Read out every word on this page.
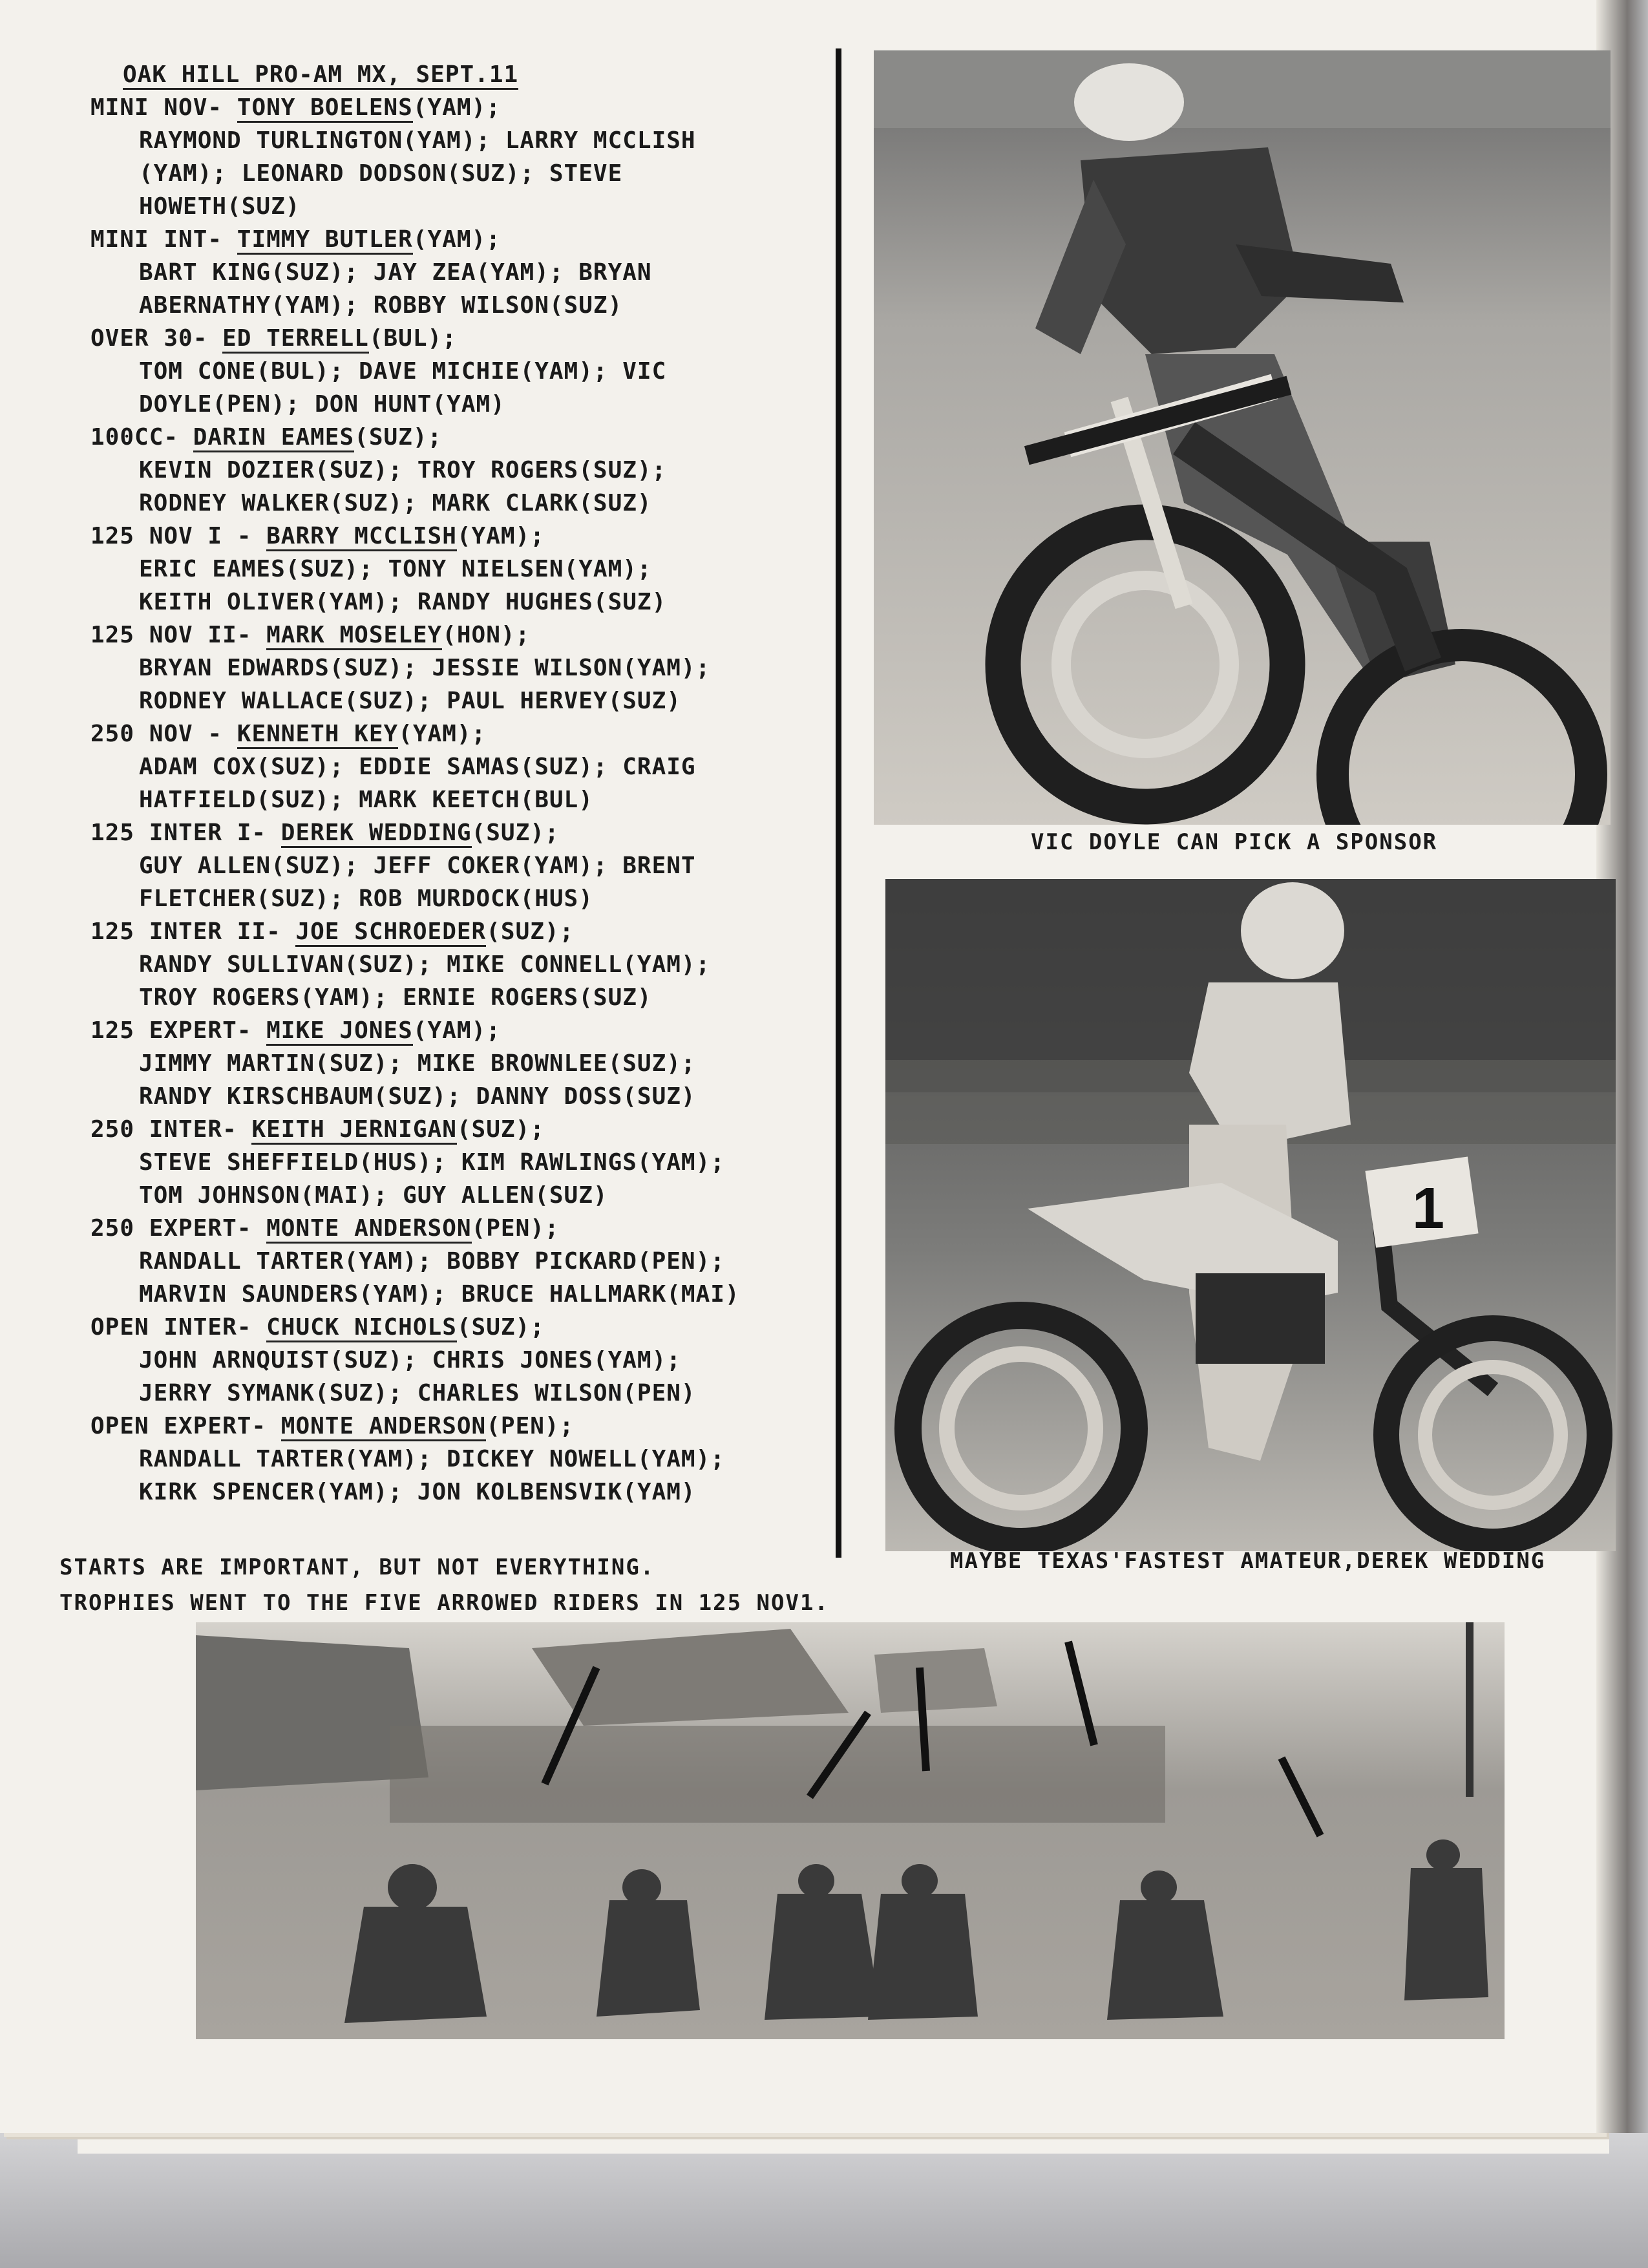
OAK HILL PRO-AM MX, SEPT.11
MINI NOV- TONY BOELENS(YAM);
RAYMOND TURLINGTON(YAM); LARRY MCCLISH
(YAM); LEONARD DODSON(SUZ); STEVE
HOWETH(SUZ)
MINI INT- TIMMY BUTLER(YAM);
BART KING(SUZ); JAY ZEA(YAM); BRYAN
ABERNATHY(YAM); ROBBY WILSON(SUZ)
OVER 30- ED TERRELL(BUL);
TOM CONE(BUL); DAVE MICHIE(YAM); VIC
DOYLE(PEN); DON HUNT(YAM)
100CC- DARIN EAMES(SUZ);
KEVIN DOZIER(SUZ); TROY ROGERS(SUZ);
RODNEY WALKER(SUZ); MARK CLARK(SUZ)
125 NOV I - BARRY MCCLISH(YAM);
ERIC EAMES(SUZ); TONY NIELSEN(YAM);
KEITH OLIVER(YAM); RANDY HUGHES(SUZ)
125 NOV II- MARK MOSELEY(HON);
BRYAN EDWARDS(SUZ); JESSIE WILSON(YAM);
RODNEY WALLACE(SUZ); PAUL HERVEY(SUZ)
250 NOV - KENNETH KEY(YAM);
ADAM COX(SUZ); EDDIE SAMAS(SUZ); CRAIG
HATFIELD(SUZ); MARK KEETCH(BUL)
125 INTER I- DEREK WEDDING(SUZ);
GUY ALLEN(SUZ); JEFF COKER(YAM); BRENT
FLETCHER(SUZ); ROB MURDOCK(HUS)
125 INTER II- JOE SCHROEDER(SUZ);
RANDY SULLIVAN(SUZ); MIKE CONNELL(YAM);
TROY ROGERS(YAM); ERNIE ROGERS(SUZ)
125 EXPERT- MIKE JONES(YAM);
JIMMY MARTIN(SUZ); MIKE BROWNLEE(SUZ);
RANDY KIRSCHBAUM(SUZ); DANNY DOSS(SUZ)
250 INTER- KEITH JERNIGAN(SUZ);
STEVE SHEFFIELD(HUS); KIM RAWLINGS(YAM);
TOM JOHNSON(MAI); GUY ALLEN(SUZ)
250 EXPERT- MONTE ANDERSON(PEN);
RANDALL TARTER(YAM); BOBBY PICKARD(PEN);
MARVIN SAUNDERS(YAM); BRUCE HALLMARK(MAI)
OPEN INTER- CHUCK NICHOLS(SUZ);
JOHN ARNQUIST(SUZ); CHRIS JONES(YAM);
JERRY SYMANK(SUZ); CHARLES WILSON(PEN)
OPEN EXPERT- MONTE ANDERSON(PEN);
RANDALL TARTER(YAM); DICKEY NOWELL(YAM);
KIRK SPENCER(YAM); JON KOLBENSVIK(YAM)
VIC DOYLE CAN PICK A SPONSOR
1
MAYBE TEXAS'FASTEST AMATEUR,DEREK WEDDING
STARTS ARE IMPORTANT, BUT NOT EVERYTHING.
TROPHIES WENT TO THE FIVE ARROWED RIDERS IN 125 NOV1.
